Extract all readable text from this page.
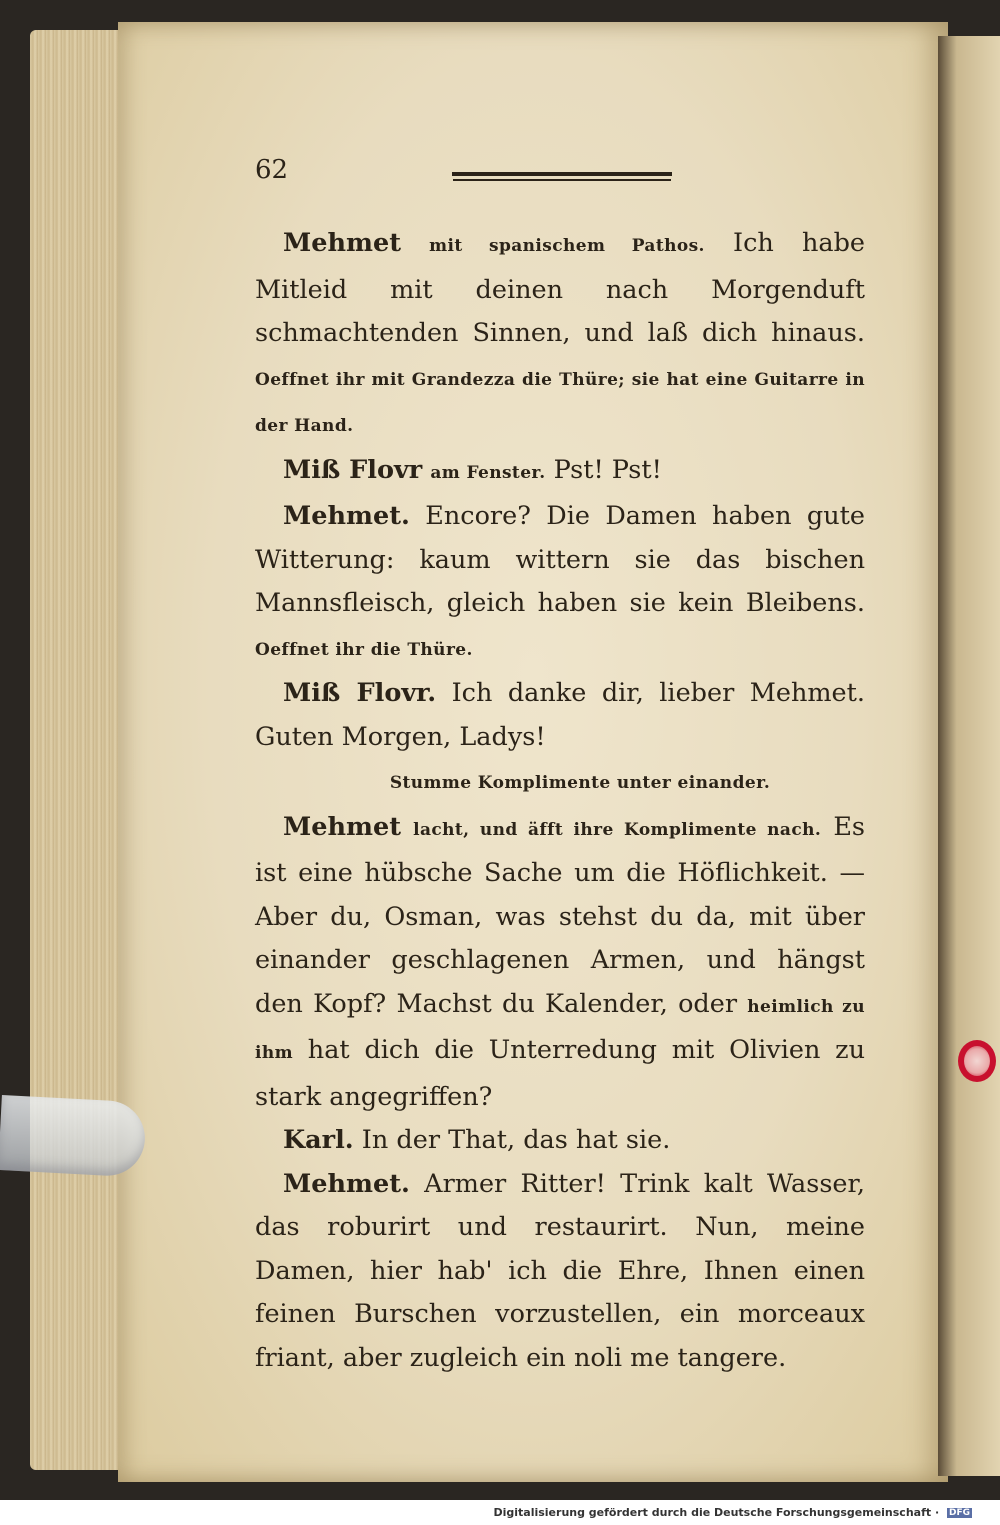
62

Mehmet mit spanischem Pathos. Ich habe Mitleid mit deinen nach Morgenduft schmachtenden Sinnen, und laß dich hinaus. Oeffnet ihr mit Grandezza die Thüre; sie hat eine Guitarre in der Hand.

Miß Flovr am Fenster. Pst! Pst!

Mehmet. Encore? Die Damen haben gute Witterung: kaum wittern sie das bischen Mannsfleisch, gleich haben sie kein Bleibens. Oeffnet ihr die Thüre.

Miß Flovr. Ich danke dir, lieber Mehmet. Guten Morgen, Ladys!

Stumme Komplimente unter einander.

Mehmet lacht, und äfft ihre Komplimente nach. Es ist eine hübsche Sache um die Höflichkeit. — Aber du, Osman, was stehst du da, mit über einander geschlagenen Armen, und hängst den Kopf? Machst du Kalender, oder heimlich zu ihm hat dich die Unterredung mit Olivien zu stark angegriffen?

Karl. In der That, das hat sie.

Mehmet. Armer Ritter! Trink kalt Wasser, das roburirt und restaurirt. Nun, meine Damen, hier hab' ich die Ehre, Ihnen einen feinen Burschen vorzustellen, ein morceaux friant, aber zugleich ein noli me tangere.

Digitalisierung gefördert durch die Deutsche Forschungsgemeinschaft · DFG
